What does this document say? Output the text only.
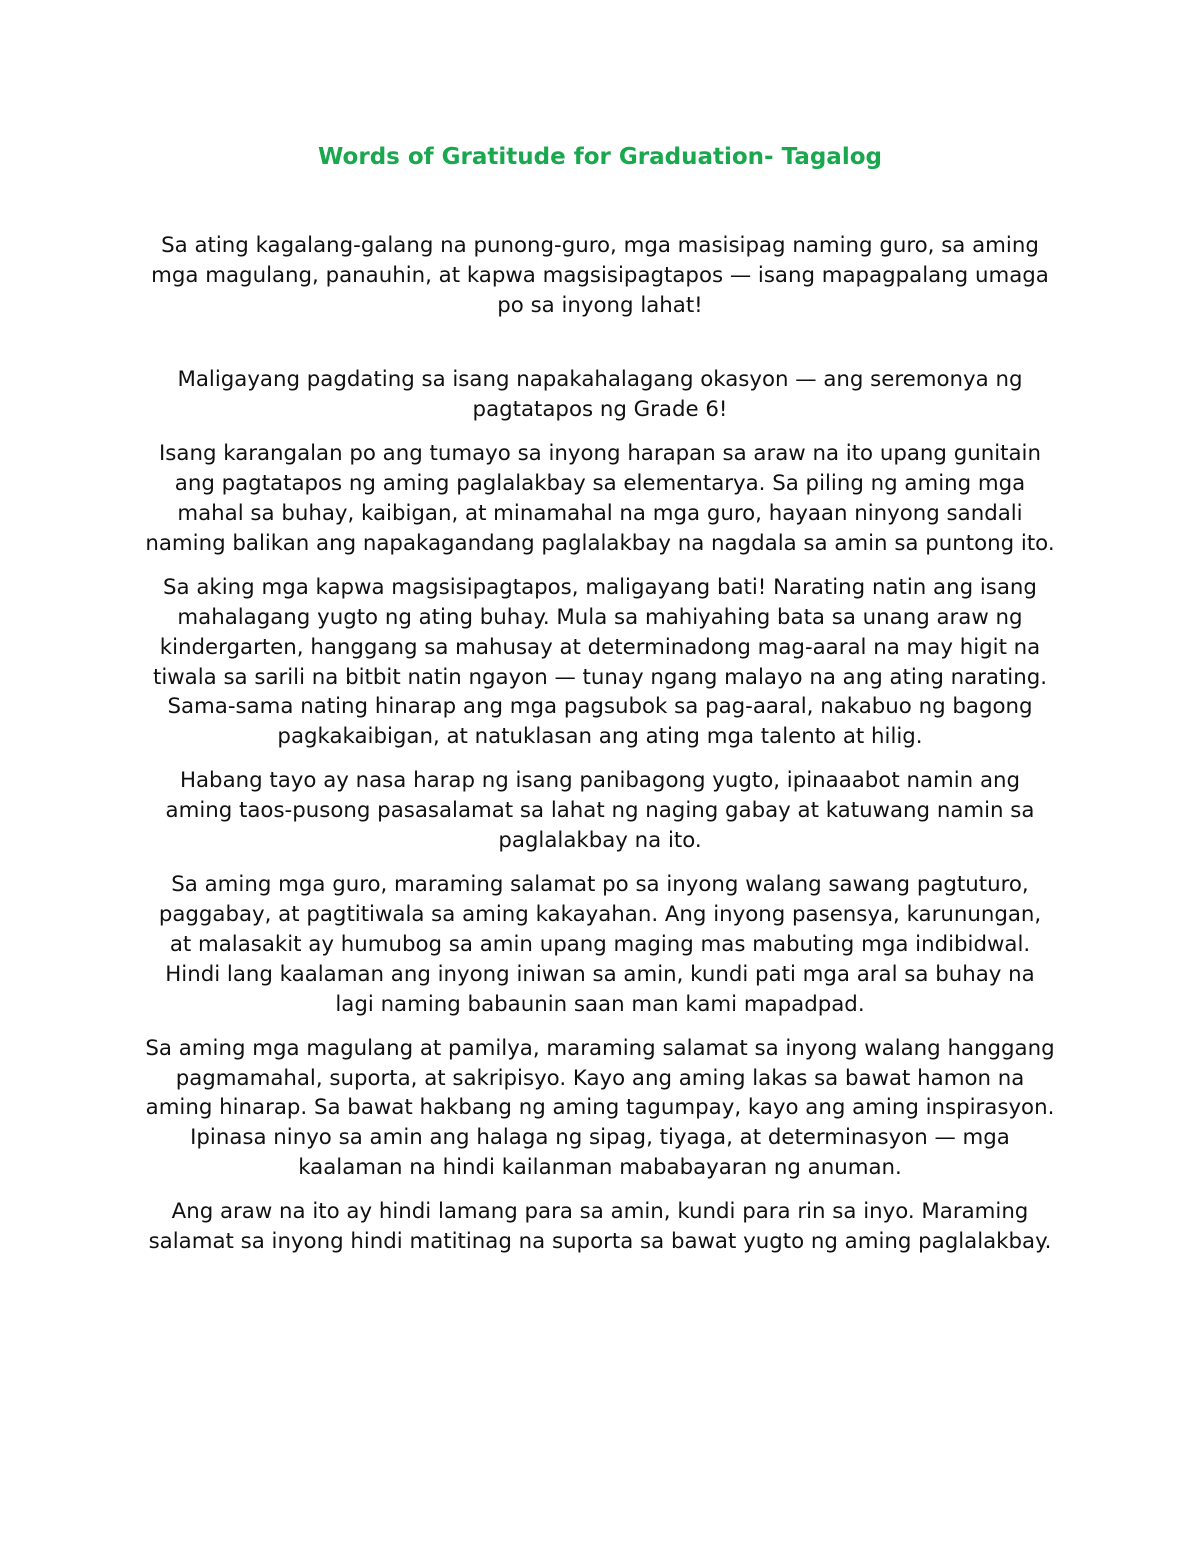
Words of Gratitude for Graduation- Tagalog

Sa ating kagalang-galang na punong-guro, mga masisipag naming guro, sa aming mga magulang, panauhin, at kapwa magsisipagtapos — isang mapagpalang umaga po sa inyong lahat!

Maligayang pagdating sa isang napakahalagang okasyon — ang seremonya ng pagtatapos ng Grade 6!

Isang karangalan po ang tumayo sa inyong harapan sa araw na ito upang gunitain ang pagtatapos ng aming paglalakbay sa elementarya. Sa piling ng aming mga mahal sa buhay, kaibigan, at minamahal na mga guro, hayaan ninyong sandali naming balikan ang napakagandang paglalakbay na nagdala sa amin sa puntong ito.

Sa aking mga kapwa magsisipagtapos, maligayang bati! Narating natin ang isang mahalagang yugto ng ating buhay. Mula sa mahiyahing bata sa unang araw ng kindergarten, hanggang sa mahusay at determinadong mag-aaral na may higit na tiwala sa sarili na bitbit natin ngayon — tunay ngang malayo na ang ating narating. Sama-sama nating hinarap ang mga pagsubok sa pag-aaral, nakabuo ng bagong pagkakaibigan, at natuklasan ang ating mga talento at hilig.

Habang tayo ay nasa harap ng isang panibagong yugto, ipinaaabot namin ang aming taos-pusong pasasalamat sa lahat ng naging gabay at katuwang namin sa paglalakbay na ito.

Sa aming mga guro, maraming salamat po sa inyong walang sawang pagtuturo, paggabay, at pagtitiwala sa aming kakayahan. Ang inyong pasensya, karunungan, at malasakit ay humubog sa amin upang maging mas mabuting mga indibidwal. Hindi lang kaalaman ang inyong iniwan sa amin, kundi pati mga aral sa buhay na lagi naming babaunin saan man kami mapadpad.

Sa aming mga magulang at pamilya, maraming salamat sa inyong walang hanggang pagmamahal, suporta, at sakripisyo. Kayo ang aming lakas sa bawat hamon na aming hinarap. Sa bawat hakbang ng aming tagumpay, kayo ang aming inspirasyon. Ipinasa ninyo sa amin ang halaga ng sipag, tiyaga, at determinasyon — mga kaalaman na hindi kailanman mababayaran ng anuman.

Ang araw na ito ay hindi lamang para sa amin, kundi para rin sa inyo. Maraming salamat sa inyong hindi matitinag na suporta sa bawat yugto ng aming paglalakbay.
